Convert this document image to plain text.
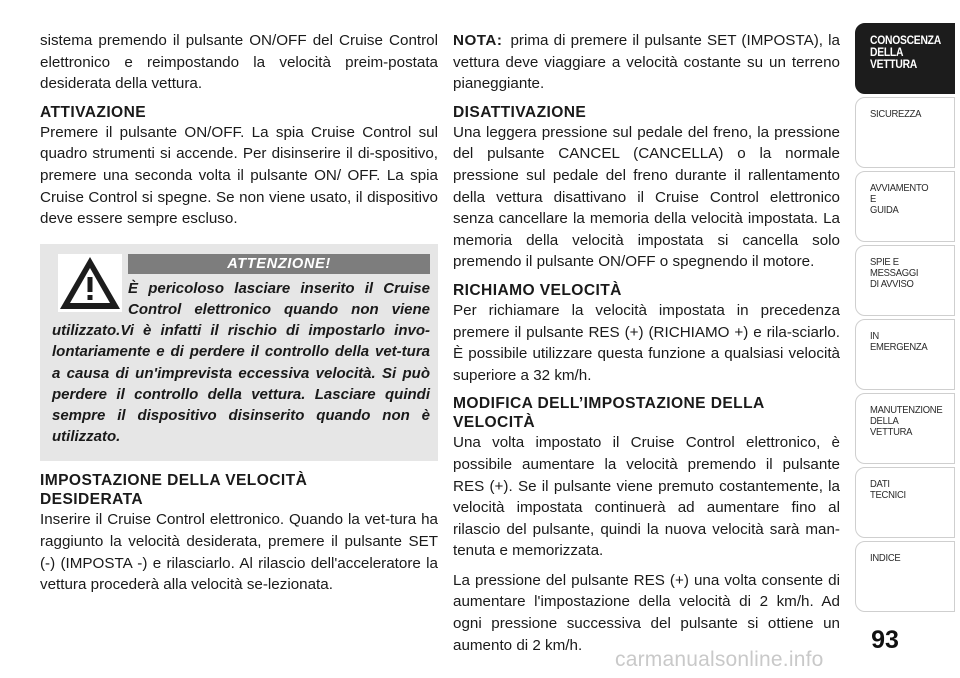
sistema premendo il pulsante ON/OFF del Cruise Control elettronico e reimpostando la velocità preim-postata desiderata della vettura.

ATTIVAZIONE

Premere il pulsante ON/OFF. La spia Cruise Control sul quadro strumenti si accende. Per disinserire il di-spositivo, premere una seconda volta il pulsante ON/ OFF. La spia Cruise Control si spegne. Se non viene usato, il dispositivo deve essere sempre escluso.

ATTENZIONE!

È pericoloso lasciare inserito il Cruise Control elettronico quando non viene utilizzato.Vi è infatti il rischio di impostarlo invo-lontariamente e di perdere il controllo della vet-tura a causa di un'imprevista eccessiva velocità. Si può perdere il controllo della vettura. Lasciare quindi sempre il dispositivo disinserito quando non è utilizzato.

IMPOSTAZIONE DELLA VELOCITÀ
DESIDERATA

Inserire il Cruise Control elettronico. Quando la vet-tura ha raggiunto la velocità desiderata, premere il pulsante SET (-) (IMPOSTA -) e rilasciarlo. Al rilascio dell'acceleratore la vettura procederà alla velocità se-lezionata.

NOTA: prima di premere il pulsante SET (IMPOSTA), la vettura deve viaggiare a velocità costante su un terreno pianeggiante.

DISATTIVAZIONE

Una leggera pressione sul pedale del freno, la pressione del pulsante CANCEL (CANCELLA) o la normale pressione sul pedale del freno durante il rallentamento della vettura disattivano il Cruise Control elettronico senza cancellare la memoria della velocità impostata. La memoria della velocità impostata si cancella solo premendo il pulsante ON/OFF o spegnendo il motore.

RICHIAMO VELOCITÀ

Per richiamare la velocità impostata in precedenza premere il pulsante RES (+) (RICHIAMO +) e rila-sciarlo. È possibile utilizzare questa funzione a qualsiasi velocità superiore a 32 km/h.

MODIFICA DELL’IMPOSTAZIONE DELLA
VELOCITÀ

Una volta impostato il Cruise Control elettronico, è possibile aumentare la velocità premendo il pulsante RES (+). Se il pulsante viene premuto costantemente, la velocità impostata continuerà ad aumentare fino al rilascio del pulsante, quindi la nuova velocità sarà man-tenuta e memorizzata.

La pressione del pulsante RES (+) una volta consente di aumentare l'impostazione della velocità di 2 km/h. Ad ogni pressione successiva del pulsante si ottiene un aumento di 2 km/h.

CONOSCENZA
DELLA
VETTURA
SICUREZZA
AVVIAMENTO
E
GUIDA
SPIE E
MESSAGGI
DI AVVISO
IN
EMERGENZA
MANUTENZIONE
DELLA
VETTURA
DATI
TECNICI
INDICE
93
carmanualsonline.info
